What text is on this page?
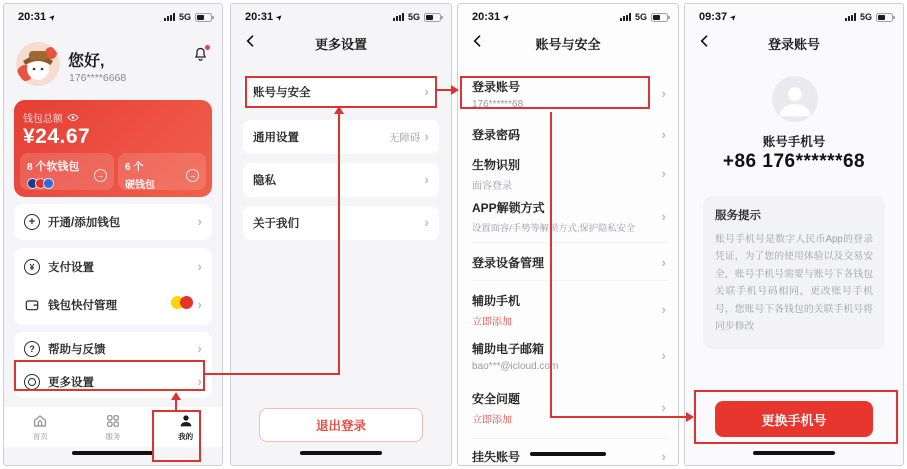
20:31 ➤	5G
您好,
176****6668
钱包总额
¥24.67
8 个软钱包
→	6 个
硬钱包
→
+
开通/添加钱包
›
¥
支付设置
›
钱包快付管理
›
?
帮助与反馈
›
更多设置
›
首页	服务	我的
20:31 ➤	5G
更多设置
账号与安全
›
通用设置	无障碍
›
隐私
›
关于我们
›
退出登录
20:31 ➤	5G
账号与安全
登录账号
176******68
›
登录密码
›
生物识别
面容登录
›
APP解锁方式
设置面容/手势等解锁方式,保护隐私安全
›
登录设备管理
›
辅助手机
立即添加
›
辅助电子邮箱
bao***@icloud.com
›
安全问题
立即添加
›
挂失账号
›
09:37 ➤	5G
登录账号
账号手机号
+86 176******68
服务提示
账号手机号是数字人民币App的登录凭证，为了您的使用体验以及交易安全，账号手机号需要与账号下各钱包关联手机号码相同，更改账号手机号，您账号下各钱包的关联手机号将同步修改
更换手机号
